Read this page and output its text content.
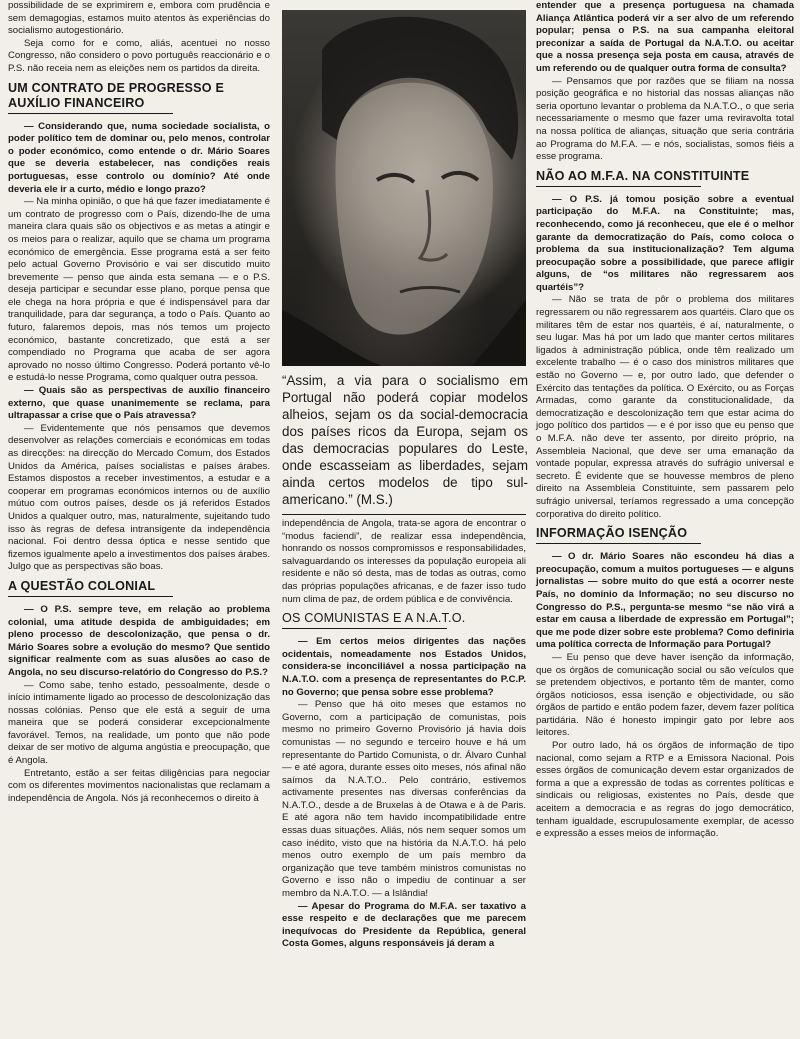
possibilidade de se exprimirem e, embora com prudência e sem demagogias, estamos muito atentos às experiências do socialismo autogestionário.

Seja como for e como, aliás, acentuei no nosso Congresso, não considero o povo português reaccionário e o P.S. não receia nem as eleições nem os partidos da direita.

UM CONTRATO DE PROGRESSO E AUXÍLIO FINANCEIRO

— Considerando que, numa sociedade socialista, o poder político tem de dominar ou, pelo menos, controlar o poder económico, como entende o dr. Mário Soares que se deveria estabelecer, nas condições reais portuguesas, esse controlo ou domínio? Até onde deveria ele ir a curto, médio e longo prazo?

— Na minha opinião, o que há que fazer imediatamente é um contrato de progresso com o País, dizendo-lhe de uma maneira clara quais são os objectivos e as metas a atingir e os meios para o realizar, aquilo que se chama um programa económico de emergência. Esse programa está a ser feito pelo actual Governo Provisório e vai ser discutido muito brevemente — penso que ainda esta semana — e o P.S. deseja participar e secundar esse plano, porque pensa que ele chega na hora própria e que é indispensável para dar tranquilidade, para dar segurança, a todo o País. Quanto ao futuro, falaremos depois, mas nós temos um projecto económico, bastante concretizado, que está a ser compendiado no Programa que acaba de ser agora aprovado no nosso último Congresso. Poderá portanto vê-lo e estudá-lo nesse Programa, como qualquer outra pessoa.

— Quais são as perspectivas de auxílio financeiro externo, que quase unanimemente se reclama, para ultrapassar a crise que o País atravessa?

— Evidentemente que nós pensamos que devemos desenvolver as relações comerciais e económicas em todas as direcções: na direcção do Mercado Comum, dos Estados Unidos da América, países socialistas e países árabes. Estamos dispostos a receber investimentos, a estudar e a cooperar em programas económicos internos ou de auxílio mútuo com outros países, desde os já referidos Estados Unidos a qualquer outro, mas, naturalmente, sujeitando tudo isso às regras de defesa intransigente da independência nacional. Foi dentro dessa óptica e nesse sentido que fizemos igualmente apelo a investimentos dos países árabes. Julgo que as perspectivas são boas.

A QUESTÃO COLONIAL

— O P.S. sempre teve, em relação ao problema colonial, uma atitude despida de ambiguidades; em pleno processo de descolonização, que pensa o dr. Mário Soares sobre a evolução do mesmo? Que sentido significar realmente com as suas alusões ao caso de Angola, no seu discurso-relatório do Congresso do P.S.?

— Como sabe, tenho estado, pessoalmente, desde o início intimamente ligado ao processo de descolonização das nossas colónias. Penso que ele está a seguir de uma maneira que se poderá considerar excepcionalmente favorável. Temos, na realidade, um ponto que não pode deixar de ser motivo de alguma angústia e preocupação, que é Angola.

Entretanto, estão a ser feitas diligências para negociar com os diferentes movimentos nacionalistas que reclamam a independência de Angola. Nós já reconhecemos o direito à

“Assim, a via para o socialismo em Portugal não poderá copiar modelos alheios, sejam os da social-democracia dos países ricos da Europa, sejam os das democracias populares do Leste, onde escasseiam as liberdades, sejam ainda certos modelos de tipo sul-americano.” (M.S.)

independência de Angola, trata-se agora de encontrar o “modus faciendi”, de realizar essa independência, honrando os nossos compromissos e responsabilidades, salvaguardando os interesses da população europeia ali residente e não só desta, mas de todas as outras, como das próprias populações africanas, e de fazer isso tudo num clima de paz, de ordem pública e de convivência.

OS COMUNISTAS E A N.A.T.O.

— Em certos meios dirigentes das nações ocidentais, nomeadamente nos Estados Unidos, considera-se inconciliável a nossa participação na N.A.T.O. com a presença de representantes do P.C.P. no Governo; que pensa sobre esse problema?

— Penso que há oito meses que estamos no Governo, com a participação de comunistas, pois mesmo no primeiro Governo Provisório já havia dois comunistas — no segundo e terceiro houve e há um representante do Partido Comunista, o dr. Álvaro Cunhal — e até agora, durante esses oito meses, nós afinal não saímos da N.A.T.O.. Pelo contrário, estivemos activamente presentes nas diversas conferências da N.A.T.O., desde a de Bruxelas à de Otawa e à de Paris. E até agora não tem havido incompatibilidade entre essas duas situações. Aliás, nós nem sequer somos um caso inédito, visto que na história da N.A.T.O. há pelo menos outro exemplo de um país membro da organização que teve também ministros comunistas no Governo e isso não o impediu de continuar a ser membro da N.A.T.O. — a Islândia!

— Apesar do Programa do M.F.A. ser taxativo a esse respeito e de declarações que me parecem inequívocas do Presidente da República, general Costa Gomes, alguns responsáveis já deram a

entender que a presença portuguesa na chamada Aliança Atlântica poderá vir a ser alvo de um referendo popular; pensa o P.S. na sua campanha eleitoral preconizar a saída de Portugal da N.A.T.O. ou aceitar que a nossa presença seja posta em causa, através de um referendo ou de qualquer outra forma de consulta?

— Pensamos que por razões que se filiam na nossa posição geográfica e no historial das nossas alianças não seria oportuno levantar o problema da N.A.T.O., o que seria necessariamente o mesmo que fazer uma reviravolta total na nossa política de alianças, situação que seria contrária ao Programa do M.F.A. — e nós, socialistas, somos fiéis a esse programa.

NÃO AO M.F.A. NA CONSTITUINTE

— O P.S. já tomou posição sobre a eventual participação do M.F.A. na Constituinte; mas, reconhecendo, como já reconheceu, que ele é o melhor garante da democratização do País, como coloca o problema da sua institucionalização? Tem alguma preocupação sobre a possibilidade, que parece afligir alguns, de “os militares não regressarem aos quartéis”?

— Não se trata de pôr o problema dos militares regressarem ou não regressarem aos quartéis. Claro que os militares têm de estar nos quartéis, é aí, naturalmente, o seu lugar. Mas há por um lado que manter certos militares ligados à administração pública, onde têm realizado um excelente trabalho — é o caso dos ministros militares que estão no Governo — e, por outro lado, que defender o Exército das tentações da política. O Exército, ou as Forças Armadas, como garante da constitucionalidade, da democratização e descolonização tem que estar acima do jogo político dos partidos — e é por isso que eu penso que o M.F.A. não deve ter assento, por direito próprio, na Assembleia Nacional, que deve ser uma emanação da vontade popular, expressa através do sufrágio universal e secreto. É evidente que se houvesse membros de pleno direito na Assembleia Constituinte, sem passarem pelo sufrágio universal, teríamos regressado a uma concepção corporativa do direito político.

INFORMAÇÃO ISENÇÃO

— O dr. Mário Soares não escondeu há dias a preocupação, comum a muitos portugueses — e alguns jornalistas — sobre muito do que está a ocorrer neste País, no domínio da Informação; no seu discurso no Congresso do P.S., pergunta-se mesmo “se não virá a estar em causa a liberdade de expressão em Portugal”; que me pode dizer sobre este problema? Como definiria uma política correcta de Informação para Portugal?

— Eu penso que deve haver isenção da informação, que os órgãos de comunicação social ou são veículos que se pretendem objectivos, e portanto têm de manter, como órgãos noticiosos, essa isenção e objectividade, ou são órgãos de partido e então podem fazer, devem fazer política partidária. Não é honesto impingir gato por lebre aos leitores.

Por outro lado, há os órgãos de informação de tipo nacional, como sejam a RTP e a Emissora Nacional. Pois esses órgãos de comunicação devem estar organizados de forma a que a expressão de todas as correntes políticas e sindicais ou religiosas, existentes no País, desde que aceitem a democracia e as regras do jogo democrático, tenham igualdade, escrupulosamente exemplar, de acesso e expressão a esses meios de informação.
